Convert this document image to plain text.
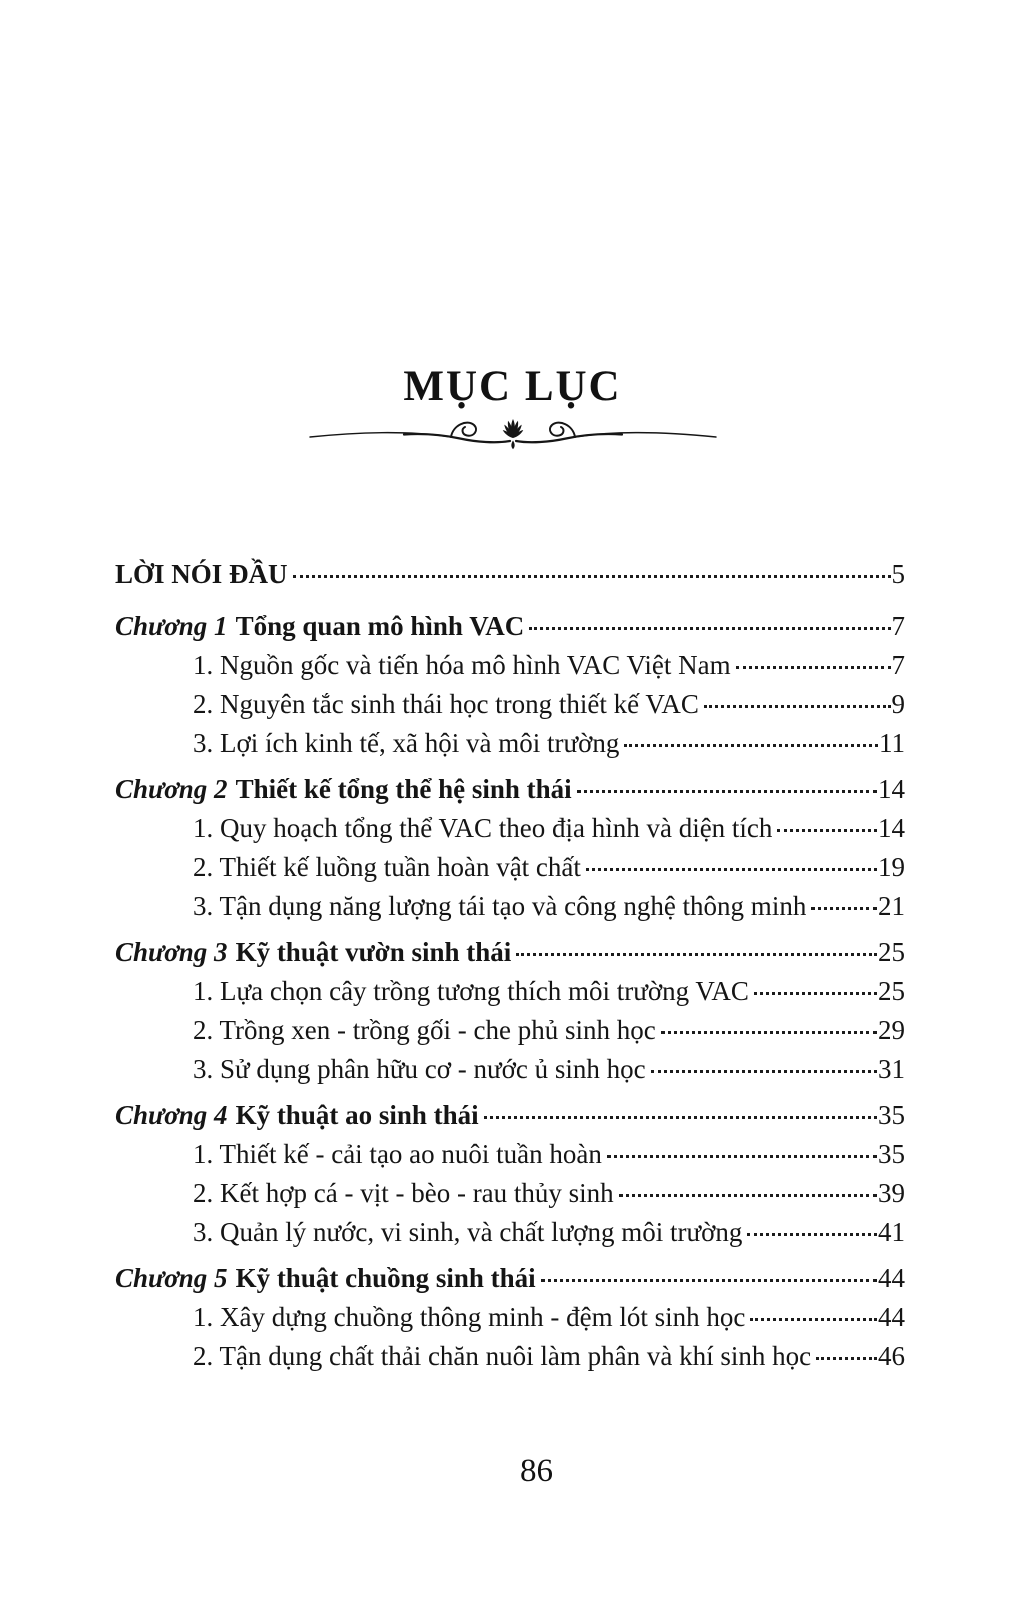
MỤC LỤC
LỜI NÓI ĐẦU	5
Chương 1 Tổng quan mô hình VAC	7
1. Nguồn gốc và tiến hóa mô hình VAC Việt Nam	7
2. Nguyên tắc sinh thái học trong thiết kế VAC	9
3. Lợi ích kinh tế, xã hội và môi trường	11
Chương 2 Thiết kế tổng thể hệ sinh thái	14
1. Quy hoạch tổng thể VAC theo địa hình và diện tích	14
2. Thiết kế luồng tuần hoàn vật chất	19
3. Tận dụng năng lượng tái tạo và công nghệ thông minh	21
Chương 3 Kỹ thuật vườn sinh thái	25
1. Lựa chọn cây trồng tương thích môi trường VAC	25
2. Trồng xen - trồng gối - che phủ sinh học	29
3. Sử dụng phân hữu cơ - nước ủ sinh học	31
Chương 4 Kỹ thuật ao sinh thái	35
1. Thiết kế - cải tạo ao nuôi tuần hoàn	35
2. Kết hợp cá - vịt - bèo - rau thủy sinh	39
3. Quản lý nước, vi sinh, và chất lượng môi trường	41
Chương 5 Kỹ thuật chuồng sinh thái	44
1. Xây dựng chuồng thông minh - đệm lót sinh học	44
2. Tận dụng chất thải chăn nuôi làm phân và khí sinh học 46
86
